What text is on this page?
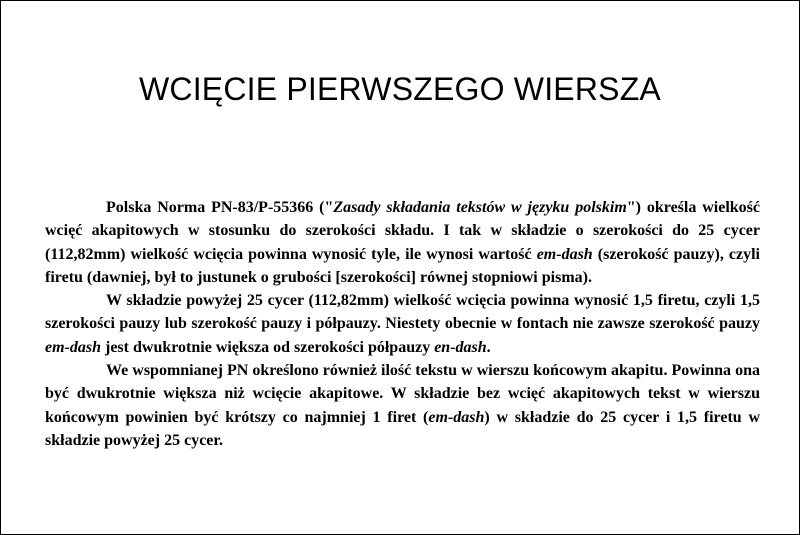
WCIĘCIE PIERWSZEGO WIERSZA

Polska Norma PN-83/P-55366 ("Zasady składania tekstów w języku polskim") określa wielkość wcięć akapitowych w stosunku do szerokości składu. I tak w składzie o szerokości do 25 cycer (112,82mm) wielkość wcięcia powinna wynosić tyle, ile wynosi wartość em-dash (szerokość pauzy), czyli firetu (dawniej, był to justunek o grubości [szerokości] równej stopniowi pisma).

W składzie powyżej 25 cycer (112,82mm) wielkość wcięcia powinna wynosić 1,5 firetu, czyli 1,5 szerokości pauzy lub szerokość pauzy i półpauzy. Niestety obecnie w fontach nie zawsze szerokość pauzy em-dash jest dwukrotnie większa od szerokości półpauzy en-dash.

We wspomnianej PN określono również ilość tekstu w wierszu końcowym akapitu. Powinna ona być dwukrotnie większa niż wcięcie akapitowe. W składzie bez wcięć akapitowych tekst w wierszu końcowym powinien być krótszy co najmniej 1 firet (em-dash) w składzie do 25 cycer i 1,5 firetu w składzie powyżej 25 cycer.
